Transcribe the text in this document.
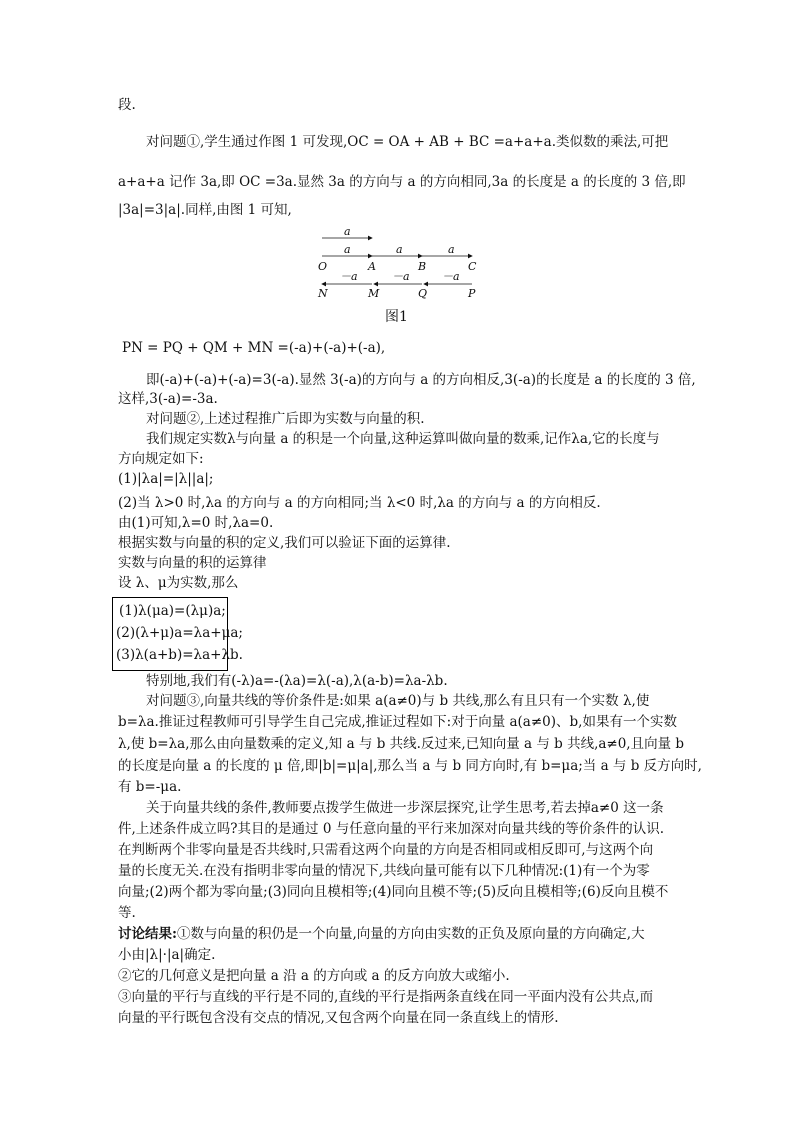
段.
对问题①,学生通过作图 1 可发现,OC = OA + AB + BC =a+a+a.类似数的乘法,可把
a+a+a 记作 3a,即 OC =3a.显然 3a 的方向与 a 的方向相同,3a 的长度是 a 的长度的 3 倍,即
|3a|=3|a|.同样,由图 1 可知,
a
a	a	a
O	A	B	C
－a	－a	－a
N	M	Q	P
图1
PN = PQ + QM + MN =(-a)+(-a)+(-a),
即(-a)+(-a)+(-a)=3(-a).显然 3(-a)的方向与 a 的方向相反,3(-a)的长度是 a 的长度的 3 倍,
这样,3(-a)=-3a.
对问题②,上述过程推广后即为实数与向量的积.
我们规定实数λ与向量 a 的积是一个向量,这种运算叫做向量的数乘,记作λa,它的长度与
方向规定如下:
(1)|λa|=|λ||a|;
(2)当 λ>0 时,λa 的方向与 a 的方向相同;当 λ<0 时,λa 的方向与 a 的方向相反.
由(1)可知,λ=0 时,λa=0.
根据实数与向量的积的定义,我们可以验证下面的运算律.
实数与向量的积的运算律
设 λ、μ为实数,那么
(1)λ(μa)=(λμ)a;
(2)(λ+μ)a=λa+μa;
(3)λ(a+b)=λa+λb.
特别地,我们有(-λ)a=-(λa)=λ(-a),λ(a-b)=λa-λb.
对问题③,向量共线的等价条件是:如果 a(a≠0)与 b 共线,那么有且只有一个实数 λ,使
b=λa.推证过程教师可引导学生自己完成,推证过程如下:对于向量 a(a≠0)、b,如果有一个实数
λ,使 b=λa,那么由向量数乘的定义,知 a 与 b 共线.反过来,已知向量 a 与 b 共线,a≠0,且向量 b
的长度是向量 a 的长度的 μ 倍,即|b|=μ|a|,那么当 a 与 b 同方向时,有 b=μa;当 a 与 b 反方向时,
有 b=-μa.
关于向量共线的条件,教师要点拨学生做进一步深层探究,让学生思考,若去掉a≠0 这一条
件,上述条件成立吗?其目的是通过 0 与任意向量的平行来加深对向量共线的等价条件的认识.
在判断两个非零向量是否共线时,只需看这两个向量的方向是否相同或相反即可,与这两个向
量的长度无关.在没有指明非零向量的情况下,共线向量可能有以下几种情况:(1)有一个为零
向量;(2)两个都为零向量;(3)同向且模相等;(4)同向且模不等;(5)反向且模相等;(6)反向且模不
等.
讨论结果:①数与向量的积仍是一个向量,向量的方向由实数的正负及原向量的方向确定,大
小由|λ|·|a|确定.
②它的几何意义是把向量 a 沿 a 的方向或 a 的反方向放大或缩小.
③向量的平行与直线的平行是不同的,直线的平行是指两条直线在同一平面内没有公共点,而
向量的平行既包含没有交点的情况,又包含两个向量在同一条直线上的情形.
